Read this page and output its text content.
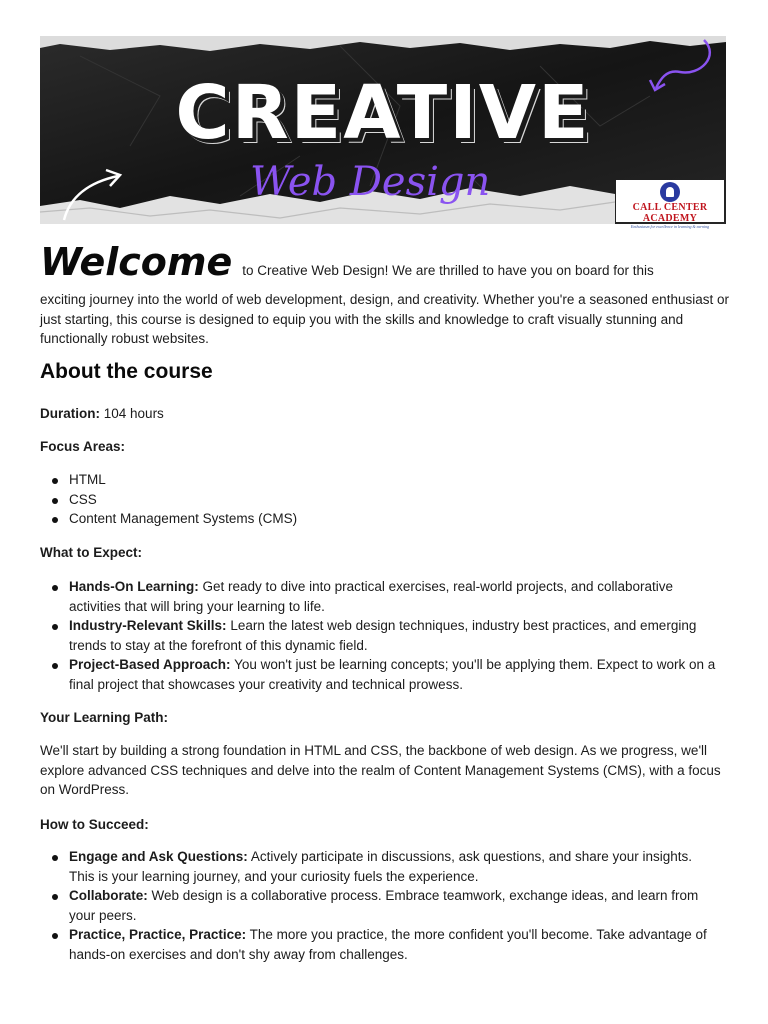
CREATIVE
Web Design
CALL CENTER ACADEMY
Enthusiasm for excellence in learning & earning
Welcome to Creative Web Design! We are thrilled to have you on board for this

exciting journey into the world of web development, design, and creativity. Whether you're a seasoned enthusiast or just starting, this course is designed to equip you with the skills and knowledge to craft visually stunning and functionally robust websites.

About the course

Duration: 104 hours

Focus Areas:

HTML
CSS
Content Management Systems (CMS)

What to Expect:

Hands-On Learning: Get ready to dive into practical exercises, real-world projects, and collaborative activities that will bring your learning to life.
Industry-Relevant Skills: Learn the latest web design techniques, industry best practices, and emerging trends to stay at the forefront of this dynamic field.
Project-Based Approach: You won't just be learning concepts; you'll be applying them. Expect to work on a final project that showcases your creativity and technical prowess.

Your Learning Path:

We'll start by building a strong foundation in HTML and CSS, the backbone of web design. As we progress, we'll explore advanced CSS techniques and delve into the realm of Content Management Systems (CMS), with a focus on WordPress.

How to Succeed:

Engage and Ask Questions: Actively participate in discussions, ask questions, and share your insights. This is your learning journey, and your curiosity fuels the experience.
Collaborate: Web design is a collaborative process. Embrace teamwork, exchange ideas, and learn from your peers.
Practice, Practice, Practice: The more you practice, the more confident you'll become. Take advantage of hands-on exercises and don't shy away from challenges.
